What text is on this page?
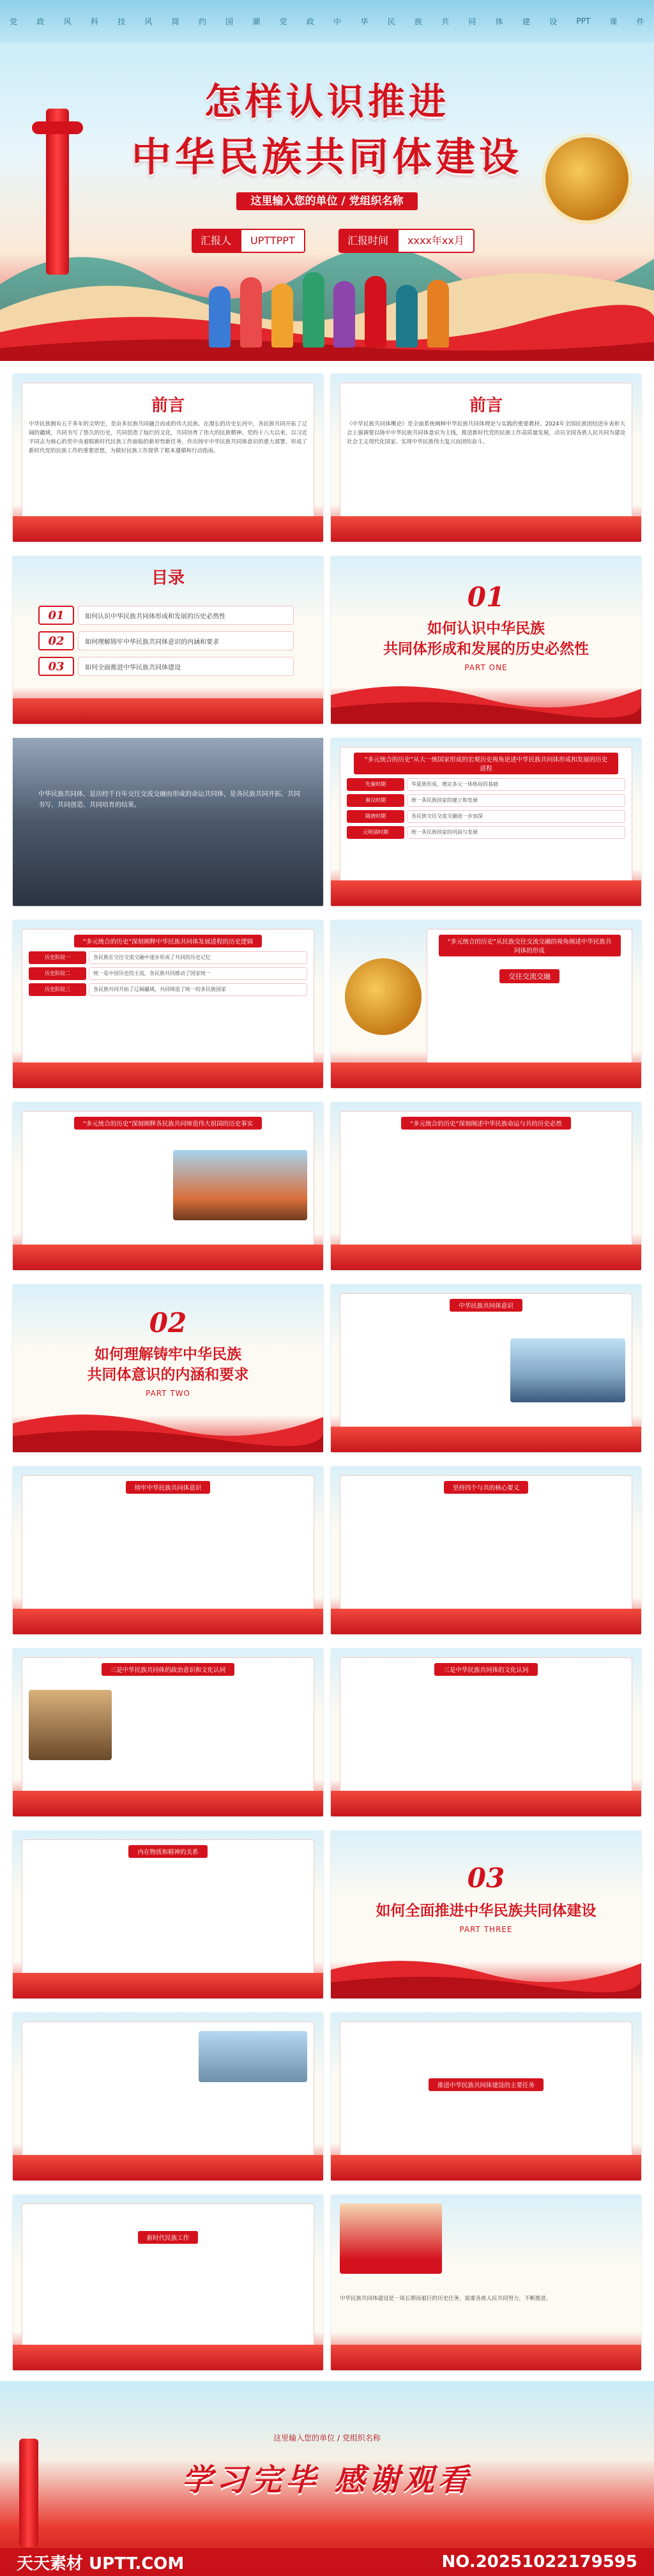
党	政	风	科	技	风	简	约	国	潮	党	政	中	华	民	族	共	同	体	建	设	PPT	课	件
怎样认识推进
中华民族共同体建设
这里输入您的单位 / 党组织名称
汇报人 UPTTPPT	汇报时间 xxxx年xx月
前言
中华民族拥有五千多年的文明史，是由多民族共同融合而成的伟大民族。在漫长的历史长河中，各民族共同开拓了辽阔的疆域，共同书写了悠久的历史，共同创造了灿烂的文化，共同培育了伟大的民族精神。党的十八大以来，以习近平同志为核心的党中央着眼新时代民族工作面临的新形势新任务，作出铸牢中华民族共同体意识的重大部署，形成了新时代党的民族工作的重要思想，为做好民族工作提供了根本遵循和行动指南。
前言
《中华民族共同体概论》是全面系统阐释中华民族共同体理论与实践的重要教材。2024年全国民族团结进步表彰大会上强调要以铸牢中华民族共同体意识为主线，推进新时代党的民族工作高质量发展，动员全国各族人民共同为建设社会主义现代化国家、实现中华民族伟大复兴而团结奋斗。
目录
01	如何认识中华民族共同体形成和发展的历史必然性
02	如何理解铸牢中华民族共同体意识的内涵和要求
03	如何全面推进中华民族共同体建设
01
如何认识中华民族
共同体形成和发展的历史必然性
PART ONE
中华民族共同体，是历经千百年交往交流交融而形成的命运共同体，是各民族共同开拓、共同书写、共同创造、共同培育的结果。
“多元统合的历史”从大一统国家形成的宏观历史视角论述中华民族共同体形成和发展的历史进程
先秦时期	华夏族形成，奠定多元一体格局的基础
秦汉时期	统一多民族国家的建立和发展
隋唐时期	各民族交往交流交融进一步加深
元明清时期	统一多民族国家的巩固与发展
“多元统合的历史”深刻阐释中华民族共同体发展进程的历史逻辑
历史阶段一	各民族在交往交流交融中逐步形成了共同的历史记忆
历史阶段二	统一是中国历史的主流，各民族共同推动了国家统一
历史阶段三	各民族共同开拓了辽阔疆域，共同缔造了统一的多民族国家
“多元统合的历史”从民族交往交流交融的视角阐述中华民族共同体的形成
交往交流交融
“多元统合的历史”深刻阐释各民族共同缔造伟大祖国的历史事实	“多元统合的历史”深刻阐述中华民族命运与共的历史必然
02
如何理解铸牢中华民族
共同体意识的内涵和要求
PART TWO
中华民族共同体意识
铸牢中华民族共同体意识	坚持四个与共的核心要义
三是中华民族共同体的政治意识和文化认同	三是中华民族共同体的文化认同
内在物质和精神的关系
03
如何全面推进中华民族共同体建设
PART THREE
推进中华民族共同体建设的主要任务
新时代民族工作
中华民族共同体建设是一项长期而艰巨的历史任务，需要各族人民共同努力，不断推进。
这里输入您的单位 / 党组织名称
学习完毕 感谢观看
天天素材 UPTT.COM	NO.20251022179595
